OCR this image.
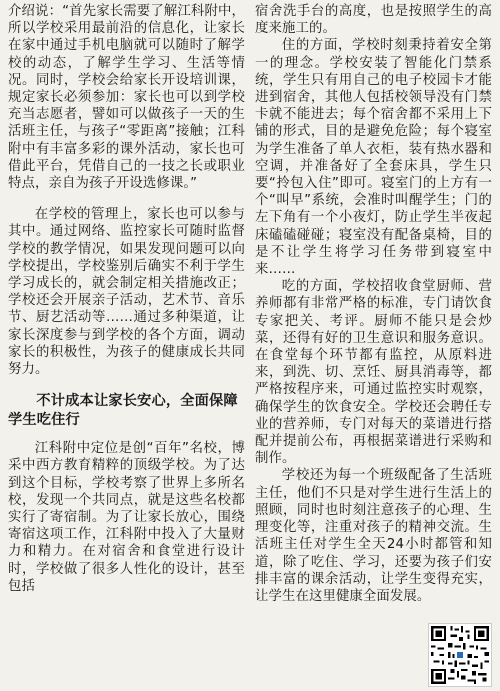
介绍说：“首先家长需要了解江科附中，所以学校采用最前沿的信息化，让家长在家中通过手机电脑就可以随时了解学校的动态，了解学生学习、生活等情况。同时，学校会给家长开设培训课，规定家长必须参加：家长也可以到学校充当志愿者，譬如可以做孩子一天的生活班主任，与孩子“零距离”接触；江科附中有丰富多彩的课外活动，家长也可借此平台，凭借自己的一技之长或职业特点，亲自为孩子开设选修课。”

在学校的管理上，家长也可以参与其中。通过网络、监控家长可随时监督学校的教学情况，如果发现问题可以向学校提出，学校鉴别后确实不利于学生学习成长的，就会制定相关措施改正；学校还会开展亲子活动，艺术节、音乐节、厨艺活动等……通过多种渠道，让家长深度参与到学校的各个方面，调动家长的积极性，为孩子的健康成长共同努力。

不计成本让家长安心，全面保障学生吃住行

江科附中定位是创“百年”名校，博采中西方教育精粹的顶级学校。为了达到这个目标，学校考察了世界上多所名校，发现一个共同点，就是这些名校都实行了寄宿制。为了让家长放心，围绕寄宿这项工作，江科附中投入了大量财力和精力。在对宿舍和食堂进行设计时，学校做了很多人性化的设计，甚至包括

宿舍洗手台的高度，也是按照学生的高度来施工的。

住的方面，学校时刻秉持着安全第一的理念。学校安装了智能化门禁系统，学生只有用自己的电子校园卡才能进到宿舍，其他人包括校领导没有门禁卡就不能进去；每个宿舍都不采用上下铺的形式，目的是避免危险；每个寝室为学生准备了单人衣柜，装有热水器和空调，并准备好了全套床具，学生只要“拎包入住”即可。寝室门的上方有一个“叫早”系统，会准时叫醒学生；门的左下角有一个小夜灯，防止学生半夜起床磕磕碰碰；寝室没有配备桌椅，目的是不让学生将学习任务带到寝室中来……

吃的方面，学校招收食堂厨师、营养师都有非常严格的标准，专门请饮食专家把关、考评。厨师不能只是会炒菜，还得有好的卫生意识和服务意识。在食堂每个环节都有监控，从原料进来，到洗、切、烹饪、厨具消毒等，都严格按程序来，可通过监控实时观察，确保学生的饮食安全。学校还会聘任专业的营养师，专门对每天的菜谱进行搭配并提前公布，再根据菜谱进行采购和制作。

学校还为每一个班级配备了生活班主任，他们不只是对学生进行生活上的照顾，同时也时刻注意孩子的心理、生理变化等，注重对孩子的精神交流。生活班主任对学生全天24小时都管和知道，除了吃住、学习，还要为孩子们安排丰富的课余活动，让学生变得充实，让学生在这里健康全面发展。
